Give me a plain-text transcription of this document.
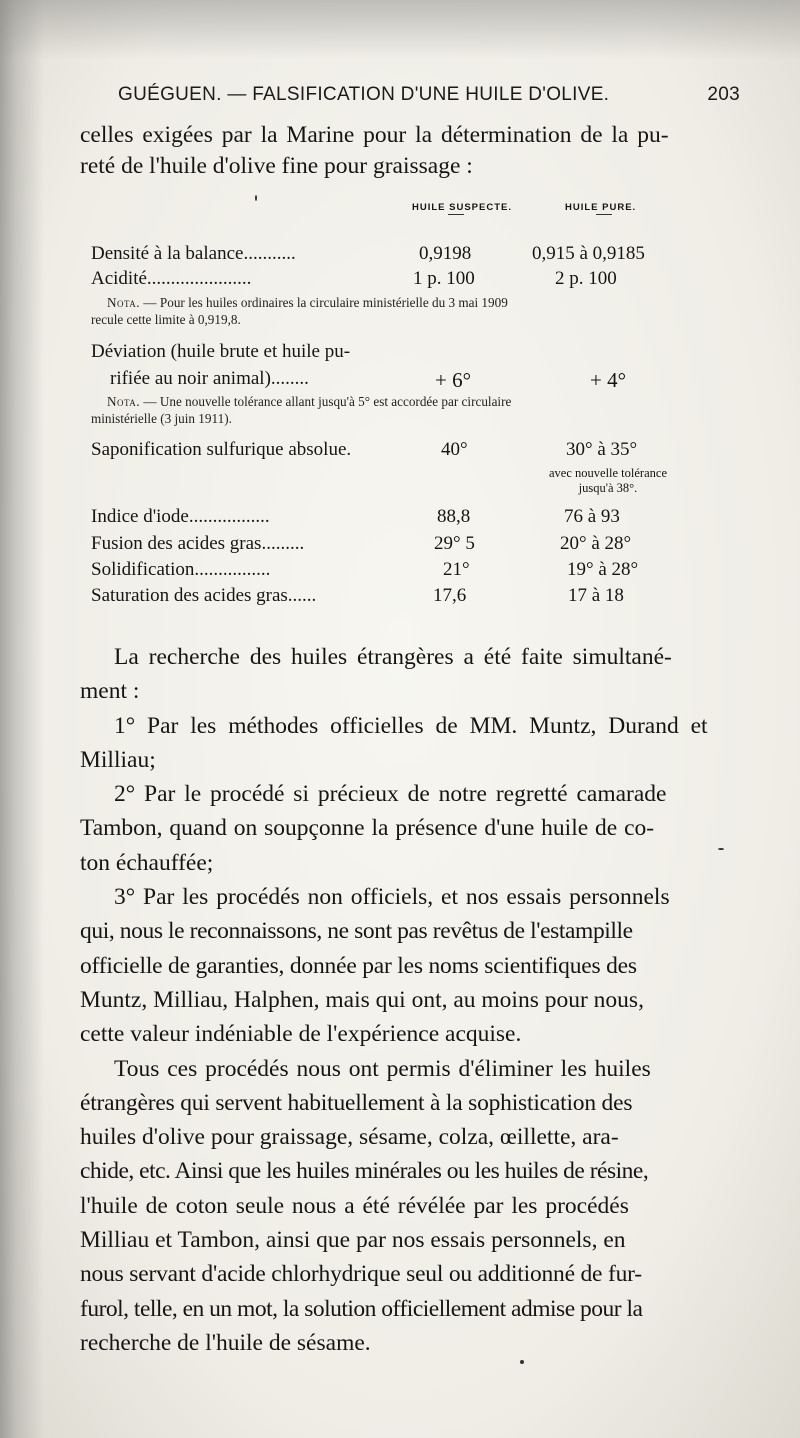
GUÉGUEN. — FALSIFICATION D'UNE HUILE D'OLIVE.	203
celles exigées par la Marine pour la détermination de la pu-
reté de l'huile d'olive fine pour graissage :
HUILE SUSPECTE.	HUILE PURE.
Densité à la balance...........	0,9198	0,915 à 0,9185
Acidité......................	1 p. 100	2 p. 100
Nota. — Pour les huiles ordinaires la circulaire ministérielle du 3 mai 1909
recule cette limite à 0,919,8.
Déviation (huile brute et huile pu-
rifiée au noir animal)........	+ 6°	+ 4°
Nota. — Une nouvelle tolérance allant jusqu'à 5° est accordée par circulaire
ministérielle (3 juin 1911).
Saponification sulfurique absolue.	40°	30° à 35°
avec nouvelle tolérance
jusqu'à 38°.
Indice d'iode.................	88,8	76 à 93
Fusion des acides gras.........	29° 5	20° à 28°
Solidification................	21°	19° à 28°
Saturation des acides gras......	17,6	17 à 18
La recherche des huiles étrangères a été faite simultané-
ment :
1° Par les méthodes officielles de MM. Muntz, Durand et
Milliau;
2° Par le procédé si précieux de notre regretté camarade
Tambon, quand on soupçonne la présence d'une huile de co-
ton échauffée;
3° Par les procédés non officiels, et nos essais personnels
qui, nous le reconnaissons, ne sont pas revêtus de l'estampille
officielle de garanties, donnée par les noms scientifiques des
Muntz, Milliau, Halphen, mais qui ont, au moins pour nous,
cette valeur indéniable de l'expérience acquise.
Tous ces procédés nous ont permis d'éliminer les huiles
étrangères qui servent habituellement à la sophistication des
huiles d'olive pour graissage, sésame, colza, œillette, ara-
chide, etc. Ainsi que les huiles minérales ou les huiles de résine,
l'huile de coton seule nous a été révélée par les procédés
Milliau et Tambon, ainsi que par nos essais personnels, en
nous servant d'acide chlorhydrique seul ou additionné de fur-
furol, telle, en un mot, la solution officiellement admise pour la
recherche de l'huile de sésame.
